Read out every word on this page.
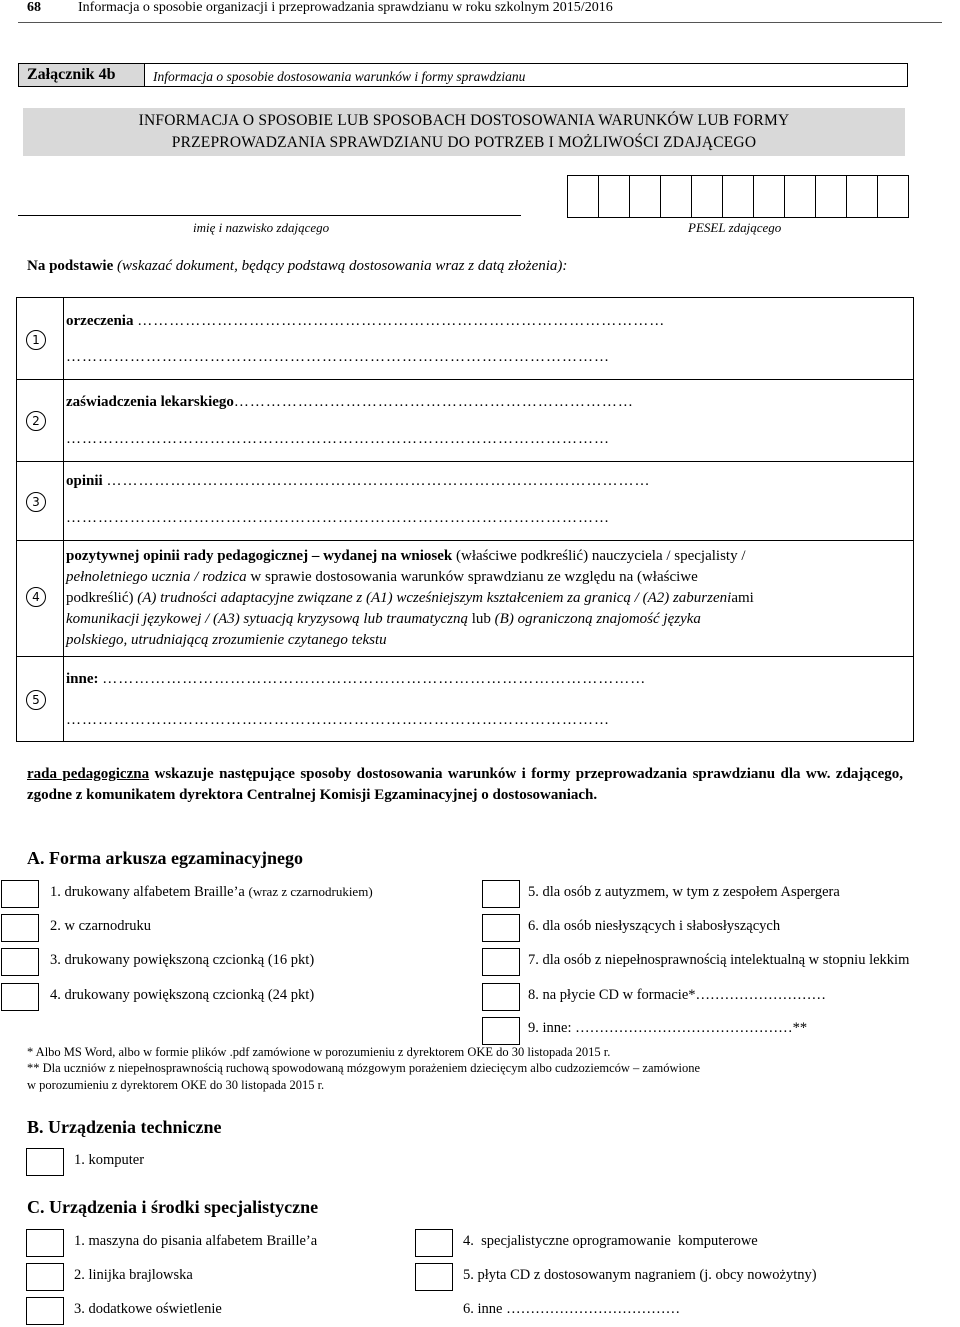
68	Informacja o sposobie organizacji i przeprowadzania sprawdzianu w roku szkolnym 2015/2016
Załącznik 4b	Informacja o sposobie dostosowania warunków i formy sprawdzianu
INFORMACJA O SPOSOBIE LUB SPOSOBACH DOSTOSOWANIA WARUNKÓW LUB FORMY
PRZEPROWADZANIA SPRAWDZIANU DO POTRZEB I MOŻLIWOŚCI ZDAJĄCEGO
imię i nazwisko zdającego	PESEL zdającego
Na podstawie (wskazać dokument, będący podstawą dostosowania wraz z datą złożenia):
1
orzeczenia ………………………………………………………………………………………
…………………………………………………………………………………………
2
zaświadczenia lekarskiego…………………………………………………………………
…………………………………………………………………………………………
3
opinii …………………………………………………………………………………………
…………………………………………………………………………………………
4
pozytywnej opinii rady pedagogicznej – wydanej na wniosek (właściwe podkreślić) nauczyciela / specjalisty /
pełnoletniego ucznia / rodzica w sprawie dostosowania warunków sprawdzianu ze względu na (właściwe
podkreślić) (A) trudności adaptacyjne związane z (A1) wcześniejszym kształceniem za granicą / (A2) zaburzeniami
komunikacji językowej / (A3) sytuacją kryzysową lub traumatyczną lub (B) ograniczoną znajomość języka
polskiego, utrudniającą zrozumienie czytanego tekstu
5
inne: …………………………………………………………………………………………
…………………………………………………………………………………………
rada pedagogiczna wskazuje następujące sposoby dostosowania warunków i formy przeprowadzania sprawdzianu dla ww. zdającego, zgodne z komunikatem dyrektora Centralnej Komisji Egzaminacyjnej o dostosowaniach.
A. Forma arkusza egzaminacyjnego
1. drukowany alfabetem Braille’a (wraz z czarnodrukiem)
2. w czarnodruku
3. drukowany powiększoną czcionką (16 pkt)
4. drukowany powiększoną czcionką (24 pkt)
5. dla osób z autyzmem, w tym z zespołem Aspergera
6. dla osób niesłyszących i słabosłyszących
7. dla osób z niepełnosprawnością intelektualną w stopniu lekkim
8. na płycie CD w formacie*………………………
9. inne: ………………………………………**
* Albo MS Word, albo w formie plików .pdf zamówione w porozumieniu z dyrektorem OKE do 30 listopada 2015 r.
** Dla uczniów z niepełnosprawnością ruchową spowodowaną mózgowym porażeniem dziecięcym albo cudzoziemców – zamówione
w porozumieniu z dyrektorem OKE do 30 listopada 2015 r.
B. Urządzenia techniczne
1. komputer
C. Urządzenia i środki specjalistyczne
1. maszyna do pisania alfabetem Braille’a
2. linijka brajlowska
3. dodatkowe oświetlenie
4.  specjalistyczne oprogramowanie  komputerowe
5. płyta CD z dostosowanym nagraniem (j. obcy nowożytny)
6. inne ………………………………
